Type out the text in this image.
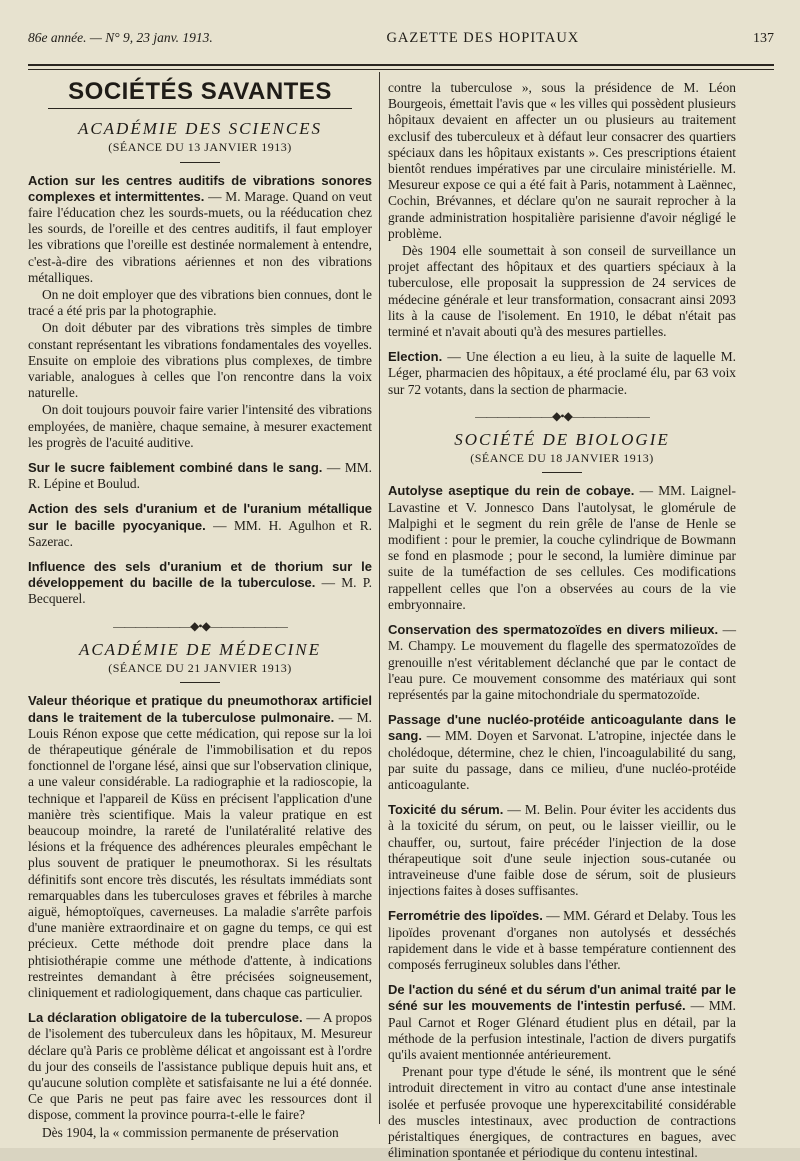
86e année. — N° 9, 23 janv. 1913.	GAZETTE DES HOPITAUX	137
SOCIÉTÉS SAVANTES
ACADÉMIE DES SCIENCES
(SÉANCE DU 13 JANVIER 1913)

Action sur les centres auditifs de vibrations sonores complexes et intermittentes. — M. Marage. Quand on veut faire l'éducation chez les sourds-muets, ou la rééducation chez les sourds, de l'oreille et des centres auditifs, il faut employer les vibrations que l'oreille est destinée normalement à entendre, c'est-à-dire des vibrations aériennes et non des vibrations métalliques.

On ne doit employer que des vibrations bien connues, dont le tracé a été pris par la photographie.

On doit débuter par des vibrations très simples de timbre constant représentant les vibrations fondamentales des voyelles. Ensuite on emploie des vibrations plus complexes, de timbre variable, analogues à celles que l'on rencontre dans la voix naturelle.

On doit toujours pouvoir faire varier l'intensité des vibrations employées, de manière, chaque semaine, à mesurer exactement les progrès de l'acuité auditive.

Sur le sucre faiblement combiné dans le sang. — MM. R. Lépine et Boulud.

Action des sels d'uranium et de l'uranium métallique sur le bacille pyocyanique. — MM. H. Agulhon et R. Sazerac.

Influence des sels d'uranium et de thorium sur le développement du bacille de la tuberculose. — M. P. Becquerel.

———————◆•◆———————
ACADÉMIE DE MÉDECINE
(SÉANCE DU 21 JANVIER 1913)

Valeur théorique et pratique du pneumothorax artificiel dans le traitement de la tuberculose pulmonaire. — M. Louis Rénon expose que cette médication, qui repose sur la loi de thérapeutique générale de l'immobilisation et du repos fonctionnel de l'organe lésé, ainsi que sur l'observation clinique, a une valeur considérable. La radiographie et la radioscopie, la technique et l'appareil de Küss en précisent l'application d'une manière très scientifique. Mais la valeur pratique en est beaucoup moindre, la rareté de l'unilatéralité relative des lésions et la fréquence des adhérences pleurales empêchant le plus souvent de pratiquer le pneumothorax. Si les résultats définitifs sont encore très discutés, les résultats immédiats sont remarquables dans les tuberculoses graves et fébriles à marche aiguë, hémoptoïques, caverneuses. La maladie s'arrête parfois d'une manière extraordinaire et on gagne du temps, ce qui est précieux. Cette méthode doit prendre place dans la phtisiothérapie comme une méthode d'attente, à indications restreintes demandant à être précisées soigneusement, cliniquement et radiologiquement, dans chaque cas particulier.

La déclaration obligatoire de la tuberculose. — A propos de l'isolement des tuberculeux dans les hôpitaux, M. Mesureur déclare qu'à Paris ce problème délicat et angoissant est à l'ordre du jour des conseils de l'assistance publique depuis huit ans, et qu'aucune solution complète et satisfaisante ne lui a été donnée. Ce que Paris ne peut pas faire avec les ressources dont il dispose, comment la province pourra-t-elle le faire?

Dès 1904, la « commission permanente de préservation

contre la tuberculose », sous la présidence de M. Léon Bourgeois, émettait l'avis que « les villes qui possèdent plusieurs hôpitaux devaient en affecter un ou plusieurs au traitement exclusif des tuberculeux et à défaut leur consacrer des quartiers spéciaux dans les hôpitaux existants ». Ces prescriptions étaient bientôt rendues impératives par une circulaire ministérielle. M. Mesureur expose ce qui a été fait à Paris, notamment à Laënnec, Cochin, Brévannes, et déclare qu'on ne saurait reprocher à la grande administration hospitalière parisienne d'avoir négligé le problème.

Dès 1904 elle soumettait à son conseil de surveillance un projet affectant des hôpitaux et des quartiers spéciaux à la tuberculose, elle proposait la suppression de 24 services de médecine générale et leur transformation, consacrant ainsi 2093 lits à la cause de l'isolement. En 1910, le débat n'était pas terminé et n'avait abouti qu'à des mesures partielles.

Election. — Une élection a eu lieu, à la suite de laquelle M. Léger, pharmacien des hôpitaux, a été proclamé élu, par 63 voix sur 72 votants, dans la section de pharmacie.

———————◆•◆———————
SOCIÉTÉ DE BIOLOGIE
(SÉANCE DU 18 JANVIER 1913)

Autolyse aseptique du rein de cobaye. — MM. Laignel-Lavastine et V. Jonnesco Dans l'autolysat, le glomérule de Malpighi et le segment du rein grêle de l'anse de Henle se modifient : pour le premier, la couche cylindrique de Bowmann se fond en plasmode ; pour le second, la lumière diminue par suite de la tuméfaction de ses cellules. Ces modifications rappellent celles que l'on a observées au cours de la vie embryonnaire.

Conservation des spermatozoïdes en divers milieux. — M. Champy. Le mouvement du flagelle des spermatozoïdes de grenouille n'est véritablement déclanché que par le contact de l'eau pure. Ce mouvement consomme des matériaux qui sont représentés par la gaine mitochondriale du spermatozoïde.

Passage d'une nucléo-protéide anticoagulante dans le sang. — MM. Doyen et Sarvonat. L'atropine, injectée dans le cholédoque, détermine, chez le chien, l'incoagulabilité du sang, par suite du passage, dans ce milieu, d'une nucléo-protéide anticoagulante.

Toxicité du sérum. — M. Belin. Pour éviter les accidents dus à la toxicité du sérum, on peut, ou le laisser vieillir, ou le chauffer, ou, surtout, faire précéder l'injection de la dose thérapeutique soit d'une seule injection sous-cutanée ou intraveineuse d'une faible dose de sérum, soit de plusieurs injections faites à doses suffisantes.

Ferrométrie des lipoïdes. — MM. Gérard et Delaby. Tous les lipoïdes provenant d'organes non autolysés et desséchés rapidement dans le vide et à basse température contiennent des composés ferrugineux solubles dans l'éther.

De l'action du séné et du sérum d'un animal traité par le séné sur les mouvements de l'intestin perfusé. — MM. Paul Carnot et Roger Glénard étudient plus en détail, par la méthode de la perfusion intestinale, l'action de divers purgatifs qu'ils avaient mentionnée antérieurement.

Prenant pour type d'étude le séné, ils montrent que le séné introduit directement in vitro au contact d'une anse intestinale isolée et perfusée provoque une hyperexcitabilité considérable des muscles intestinaux, avec production de contractions péristaltiques énergiques, de contractures en bagues, avec élimination spontanée et périodique du contenu intestinal.
